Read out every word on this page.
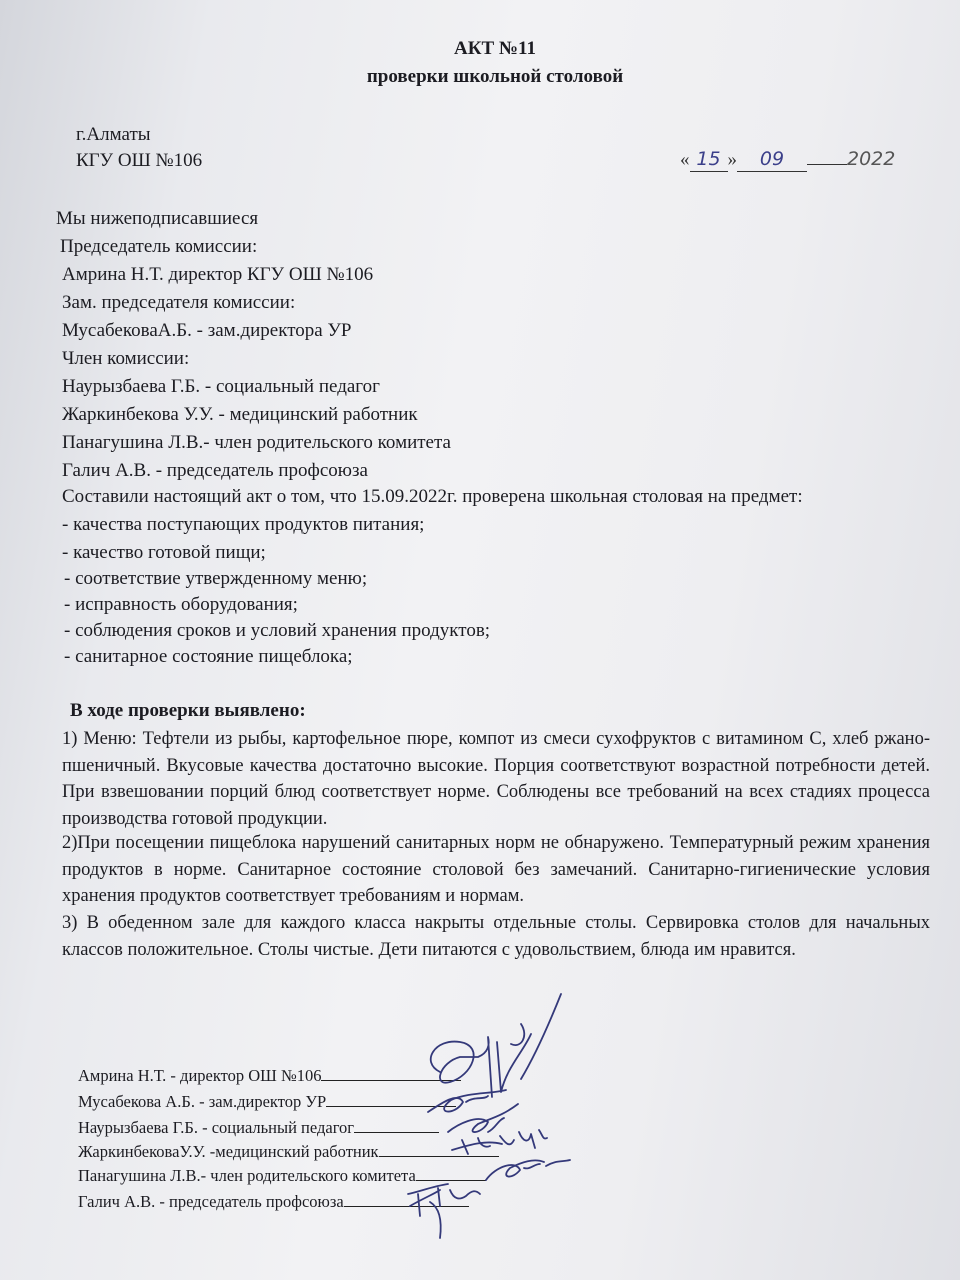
АКТ №11
проверки школьной столовой
г.Алматы
КГУ ОШ №106	« 15 » 09	2022
Мы нижеподписавшиеся
Председатель комиссии:
Амрина Н.Т. директор КГУ ОШ №106
Зам. председателя комиссии:
МусабековаА.Б. - зам.директора УР
Член комиссии:
Наурызбаева Г.Б. - социальный педагог
Жаркинбекова У.У. - медицинский работник
Панагушина Л.В.- член родительского комитета
Галич А.В. - председатель профсоюза
Составили настоящий акт о том, что 15.09.2022г. проверена школьная столовая на предмет:
- качества поступающих продуктов питания;
- качество готовой пищи;
- соответствие утвержденному меню;
- исправность оборудования;
- соблюдения сроков и условий хранения продуктов;
- санитарное состояние пищеблока;
В ходе проверки выявлено:
1) Меню: Тефтели из рыбы, картофельное пюре, компот из смеси сухофруктов с витамином С, хлеб ржано-пшеничный. Вкусовые качества достаточно высокие. Порция соответствуют возрастной потребности детей. При взвешовании порций блюд соответствует норме. Соблюдены все требований на всех стадиях процесса производства готовой продукции.
2)При посещении пищеблока нарушений санитарных норм не обнаружено. Температурный режим хранения продуктов в норме. Санитарное состояние столовой без замечаний. Санитарно-гигиенические условия хранения продуктов соответствует требованиям и нормам.
3) В обеденном зале для каждого класса накрыты отдельные столы. Сервировка столов для начальных классов положительное. Столы чистые. Дети питаются с удовольствием, блюда им нравится.
Амрина Н.Т. - директор ОШ №106
Мусабекова А.Б. - зам.директор УР
Наурызбаева Г.Б. - социальный педагог
ЖаркинбековаУ.У. -медицинский работник
Панагушина Л.В.- член родительского комитета
Галич А.В. - председатель профсоюза
